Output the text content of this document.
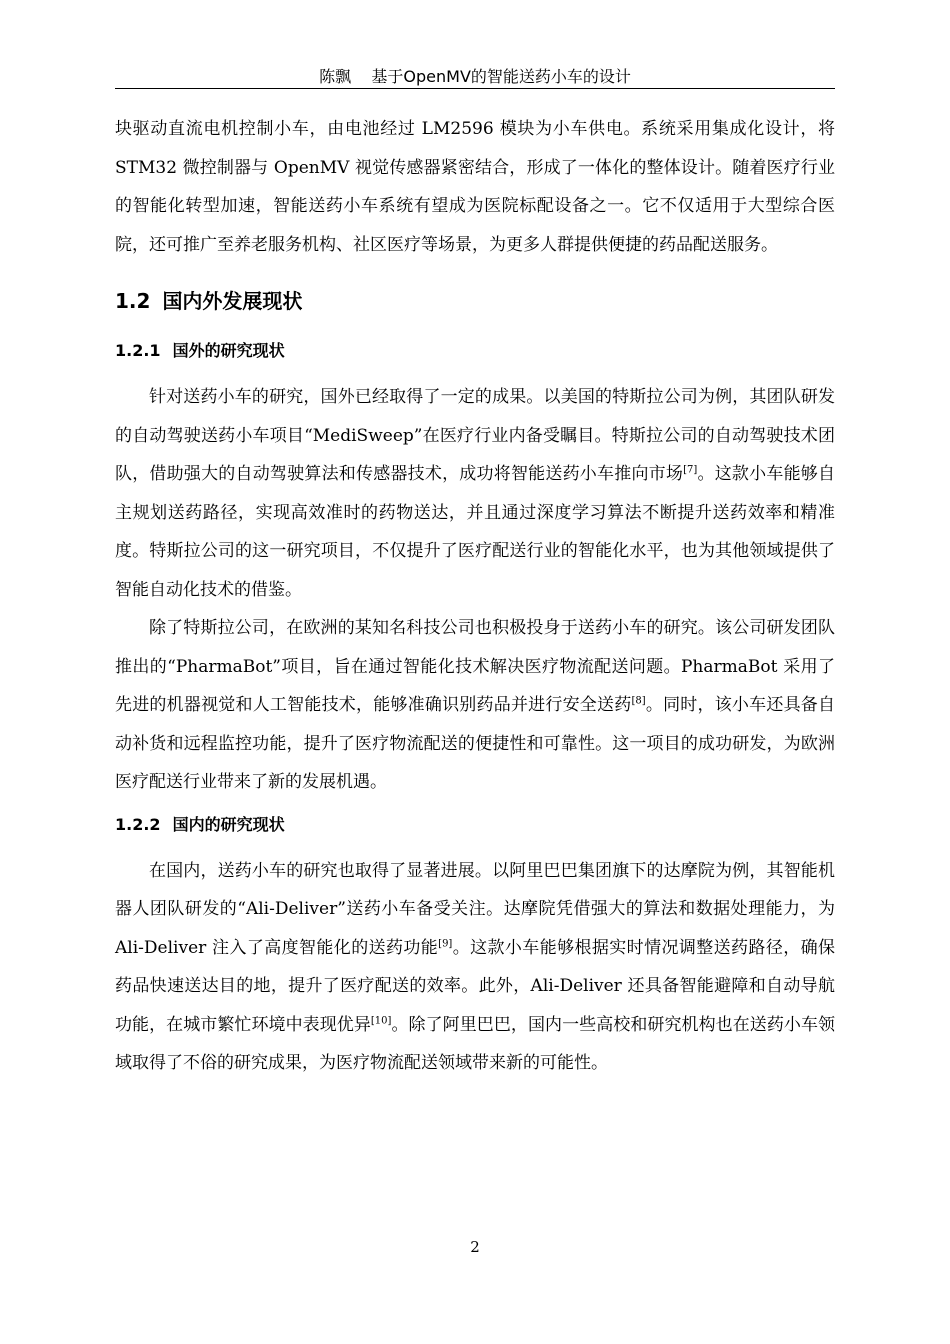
陈飘 基于OpenMV的智能送药小车的设计

块驱动直流电机控制小车，由电池经过 LM2596 模块为小车供电。系统采用集成化设计，将 STM32 微控制器与 OpenMV 视觉传感器紧密结合，形成了一体化的整体设计。随着医疗行业的智能化转型加速，智能送药小车系统有望成为医院标配设备之一。它不仅适用于大型综合医院，还可推广至养老服务机构、社区医疗等场景，为更多人群提供便捷的药品配送服务。

1.2 国内外发展现状
1.2.1 国外的研究现状

针对送药小车的研究，国外已经取得了一定的成果。以美国的特斯拉公司为例，其团队研发的自动驾驶送药小车项目“MediSweep”在医疗行业内备受瞩目。特斯拉公司的自动驾驶技术团队，借助强大的自动驾驶算法和传感器技术，成功将智能送药小车推向市场[7]。这款小车能够自主规划送药路径，实现高效准时的药物送达，并且通过深度学习算法不断提升送药效率和精准度。特斯拉公司的这一研究项目，不仅提升了医疗配送行业的智能化水平，也为其他领域提供了智能自动化技术的借鉴。

除了特斯拉公司，在欧洲的某知名科技公司也积极投身于送药小车的研究。该公司研发团队推出的“PharmaBot”项目，旨在通过智能化技术解决医疗物流配送问题。PharmaBot 采用了先进的机器视觉和人工智能技术，能够准确识别药品并进行安全送药[8]。同时，该小车还具备自动补货和远程监控功能，提升了医疗物流配送的便捷性和可靠性。这一项目的成功研发，为欧洲医疗配送行业带来了新的发展机遇。

1.2.2 国内的研究现状

在国内，送药小车的研究也取得了显著进展。以阿里巴巴集团旗下的达摩院为例，其智能机器人团队研发的“Ali-Deliver”送药小车备受关注。达摩院凭借强大的算法和数据处理能力，为 Ali-Deliver 注入了高度智能化的送药功能[9]。这款小车能够根据实时情况调整送药路径，确保药品快速送达目的地，提升了医疗配送的效率。此外，Ali-Deliver 还具备智能避障和自动导航功能，在城市繁忙环境中表现优异[10]。除了阿里巴巴，国内一些高校和研究机构也在送药小车领域取得了不俗的研究成果，为医疗物流配送领域带来新的可能性。

2
